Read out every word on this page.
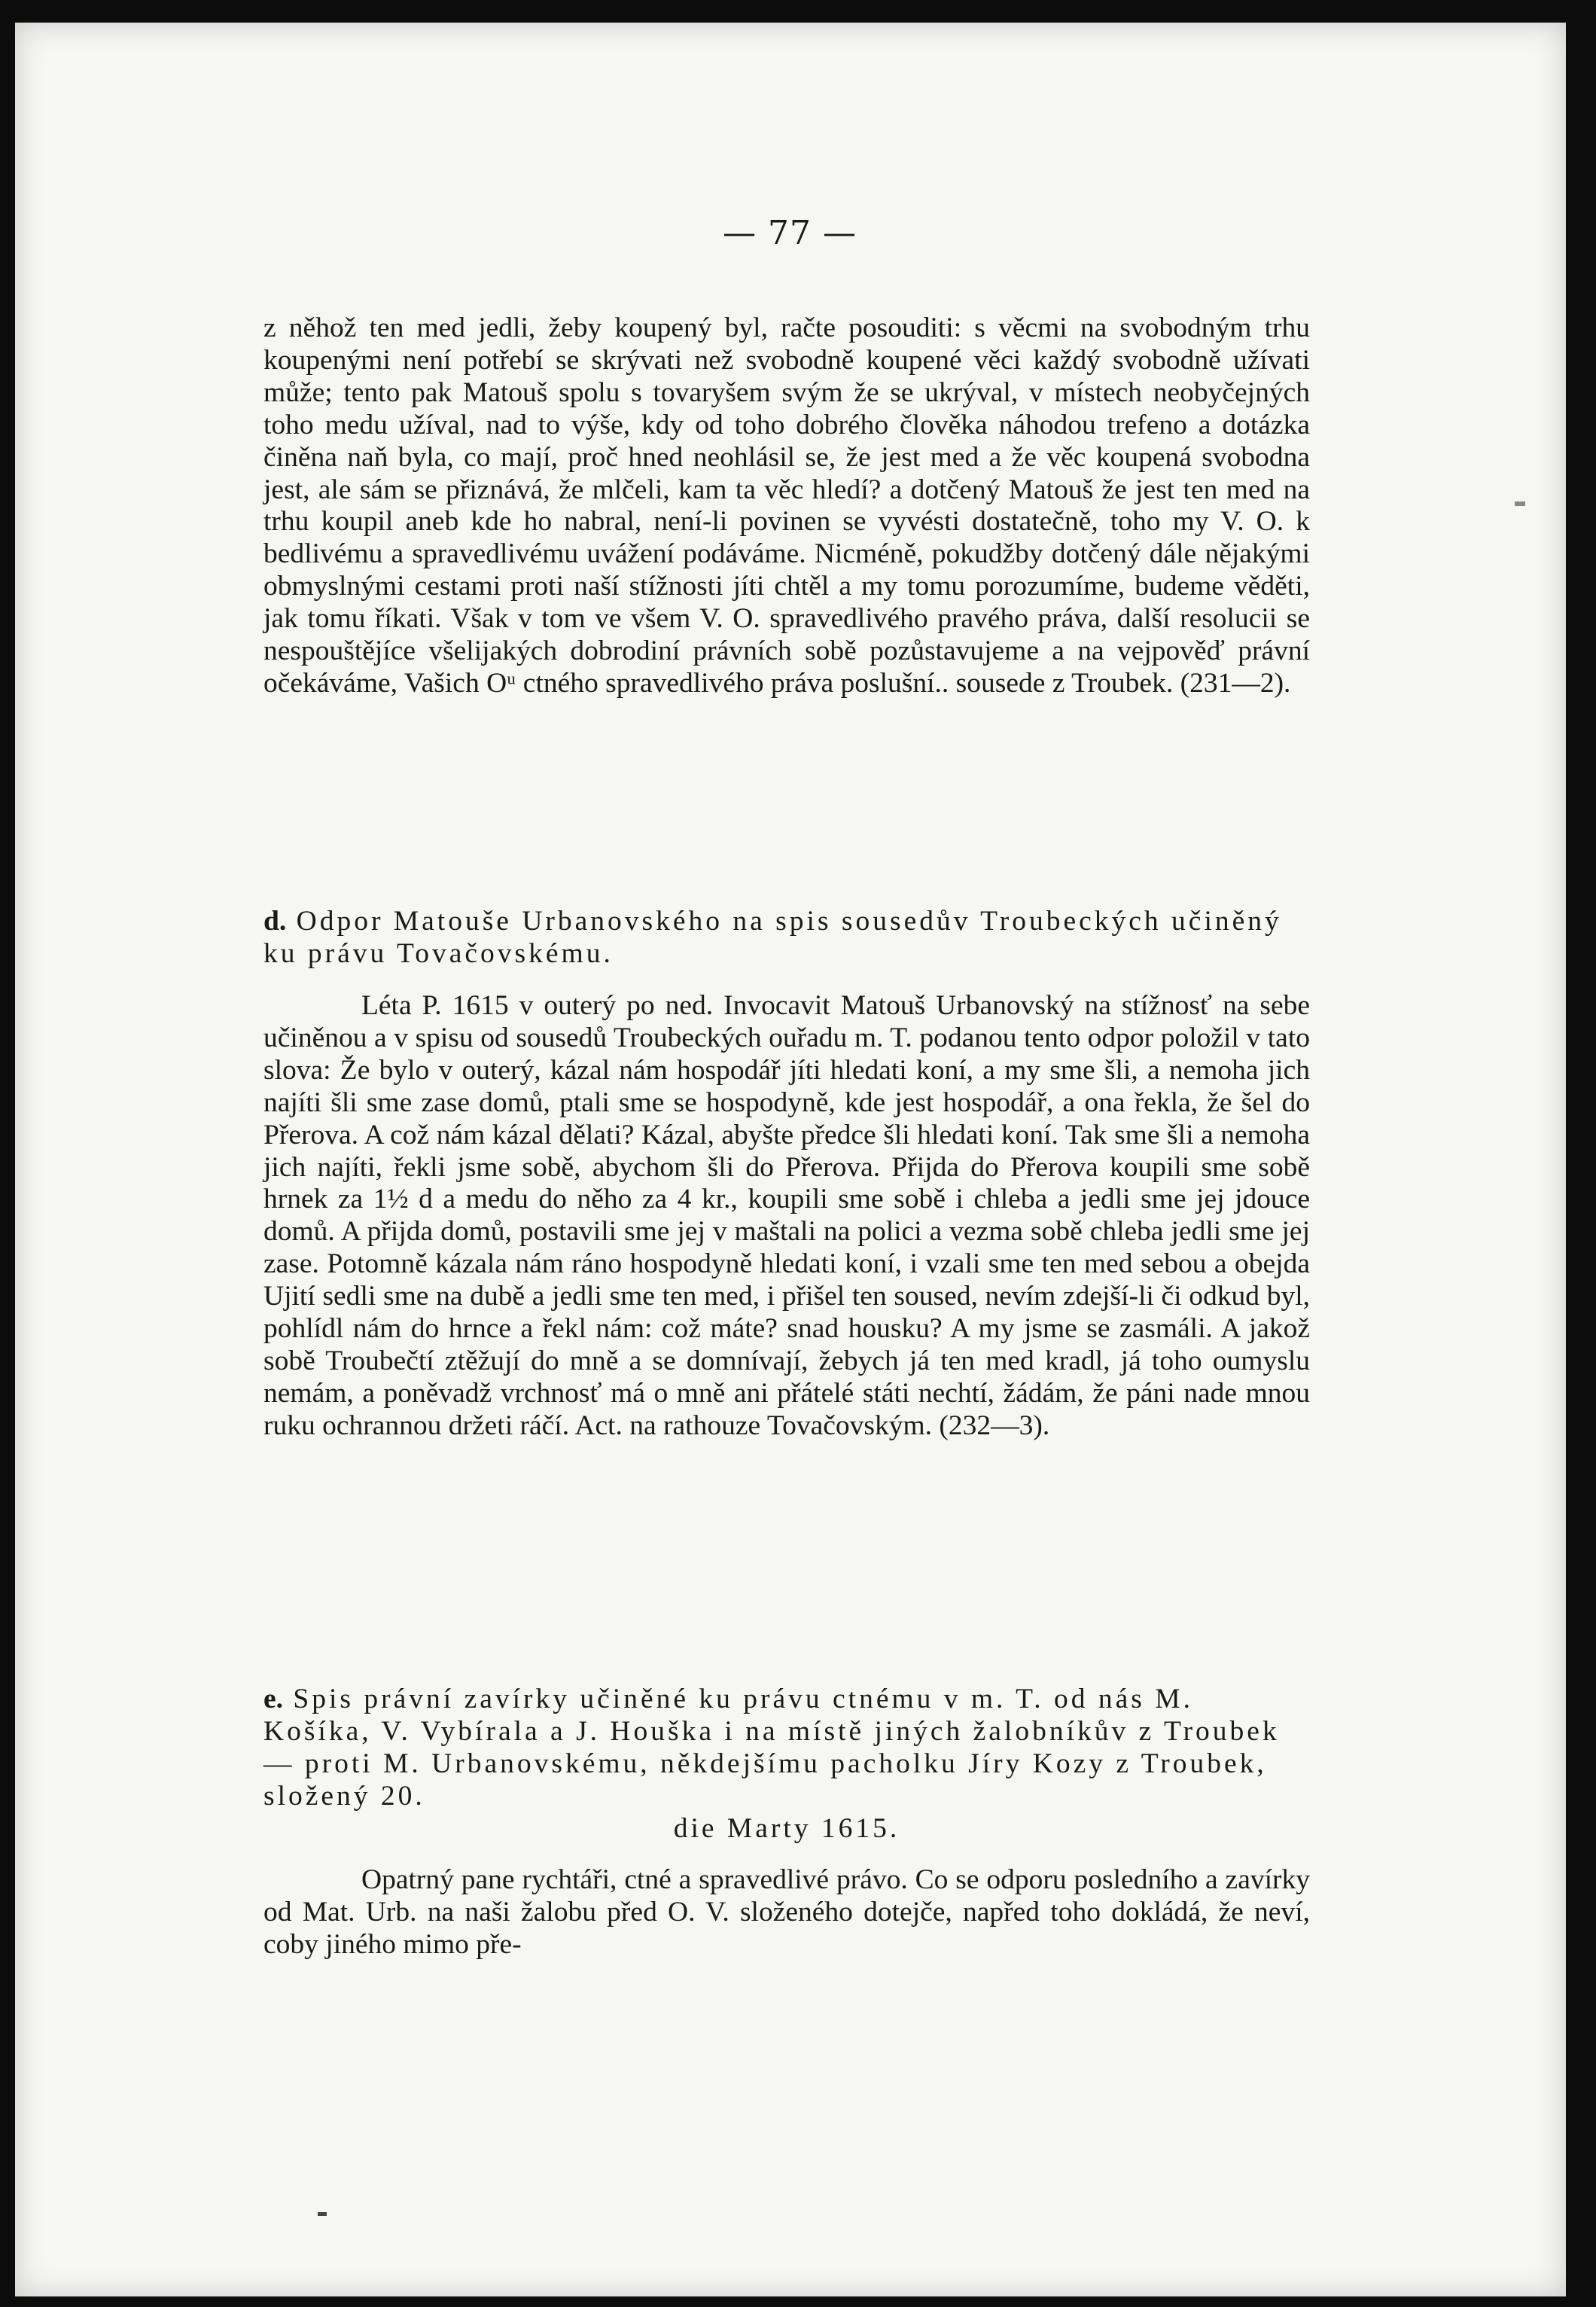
— 77 —

z něhož ten med jedli, žeby koupený byl, račte posouditi: s věcmi na svobodným trhu koupenými není potřebí se skrývati než svobodně koupené věci každý svobodně užívati může; tento pak Matouš spolu s tovaryšem svým že se ukrýval, v místech neobyčejných toho medu užíval, nad to výše, kdy od toho dobrého člověka náhodou trefeno a dotázka činěna naň byla, co mají, proč hned neohlásil se, že jest med a že věc koupená svobodna jest, ale sám se přiznává, že mlčeli, kam ta věc hledí? a dotčený Matouš že jest ten med na trhu koupil aneb kde ho nabral, není-li povinen se vyvésti dostatečně, toho my V. O. k bedlivému a spravedlivému uvážení podáváme. Nicméně, pokudžby dotčený dále nějakými obmyslnými cestami proti naší stížnosti jíti chtěl a my tomu porozumíme, budeme věděti, jak tomu říkati. Však v tom ve všem V. O. spravedlivého pravého práva, další resolucii se nespouštějíce všelijakých dobrodiní právních sobě pozůstavujeme a na vejpověď právní očekáváme, Vašich Oᵘ ctného spravedlivého práva poslušní.. sousede z Troubek. (231—2).

d. Odpor Matouše Urbanovského na spis sousedův Troubeckých učiněný ku právu Tovačovskému.

Léta P. 1615 v outerý po ned. Invocavit Matouš Urbanovský na stížnosť na sebe učiněnou a v spisu od sousedů Troubeckých ouřadu m. T. podanou tento odpor položil v tato slova: Že bylo v outerý, kázal nám hospodář jíti hledati koní, a my sme šli, a nemoha jich najíti šli sme zase domů, ptali sme se hospodyně, kde jest hospodář, a ona řekla, že šel do Přerova. A což nám kázal dělati? Kázal, abyšte předce šli hledati koní. Tak sme šli a nemoha jich najíti, řekli jsme sobě, abychom šli do Přerova. Přijda do Přerova koupili sme sobě hrnek za 1½ d a medu do něho za 4 kr., koupili sme sobě i chleba a jedli sme jej jdouce domů. A přijda domů, postavili sme jej v maštali na polici a vezma sobě chleba jedli sme jej zase. Potomně kázala nám ráno hospodyně hledati koní, i vzali sme ten med sebou a obejda Ujití sedli sme na dubě a jedli sme ten med, i přišel ten soused, nevím zdejší-li či odkud byl, pohlídl nám do hrnce a řekl nám: což máte? snad housku? A my jsme se zasmáli. A jakož sobě Troubečtí ztěžují do mně a se domnívají, žebych já ten med kradl, já toho oumyslu nemám, a poněvadž vrchnosť má o mně ani přátelé státi nechtí, žádám, že páni nade mnou ruku ochrannou držeti ráčí. Act. na rathouze Tovačovským. (232—3).

e. Spis právní zavírky učiněné ku právu ctnému v m. T. od nás M. Košíka, V. Vybírala a J. Houška i na místě jiných žalobníkův z Troubek — proti M. Urbanovskému, někdejšímu pacholku Jíry Kozy z Troubek, složený 20.
die Marty 1615.

Opatrný pane rychtáři, ctné a spravedlivé právo. Co se odporu posledního a zavírky od Mat. Urb. na naši žalobu před O. V. složeného dotejče, napřed toho dokládá, že neví, coby jiného mimo pře-
